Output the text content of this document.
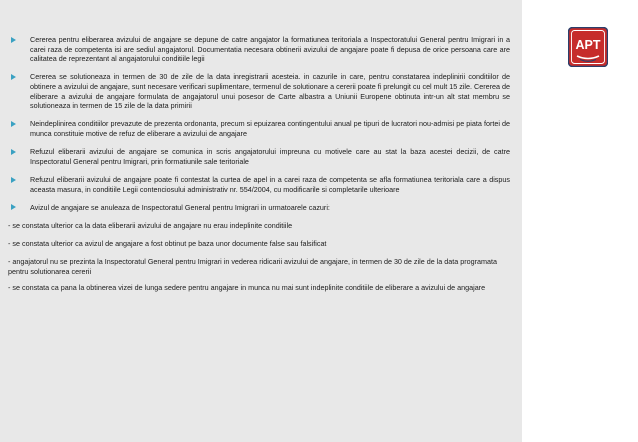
APT
Cererea pentru eliberarea avizului de angajare se depune de catre angajator la formatiunea teritoriala a Inspectoratului General pentru Imigrari in a carei raza de competenta isi are sediul angajatorul. Documentatia necesara obtinerii avizului de angajare poate fi depusa de orice persoana care are calitatea de reprezentant al angajatorului conditiile legii
Cererea se solutioneaza in termen de 30 de zile de la data inregistrarii acesteia. in cazurile in care, pentru constatarea indeplinirii conditiilor de obtinere a avizului de angajare, sunt necesare verificari suplimentare, termenul de solutionare a cererii poate fi prelungit cu cel mult 15 zile. Cererea de eliberare a avizului de angajare formulata de angajatorul unui posesor de Carte albastra a Uniunii Europene obtinuta intr-un alt stat membru se solutioneaza in termen de 15 zile de la data primirii
Neindeplinirea conditiilor prevazute de prezenta ordonanta, precum si epuizarea contingentului anual pe tipuri de lucratori nou-admisi pe piata fortei de munca constituie motive de refuz de eliberare a avizului de angajare
Refuzul eliberarii avizului de angajare se comunica in scris angajatorului impreuna cu motivele care au stat la baza acestei decizii, de catre Inspectoratul General pentru Imigrari, prin formatiunile sale teritoriale
Refuzul eliberarii avizului de angajare poate fi contestat la curtea de apel in a carei raza de competenta se afla formatiunea teritoriala care a dispus aceasta masura, in conditiile Legii contenciosului administrativ nr. 554/2004, cu modificarile si completarile ulterioare
Avizul de angajare se anuleaza de Inspectoratul General pentru Imigrari in urmatoarele cazuri:
- se constata ulterior ca la data eliberarii avizului de angajare nu erau indeplinite conditiile
- se constata ulterior ca avizul de angajare a fost obtinut pe baza unor documente false sau falsificat
- angajatorul nu se prezinta la Inspectoratul General pentru Imigrari in vederea ridicarii avizului de angajare, in termen de 30 de zile de la data programata pentru solutionarea cererii
- se constata ca pana la obtinerea vizei de lunga sedere pentru angajare in munca nu mai sunt indeplinite conditiile de eliberare a avizului de angajare
